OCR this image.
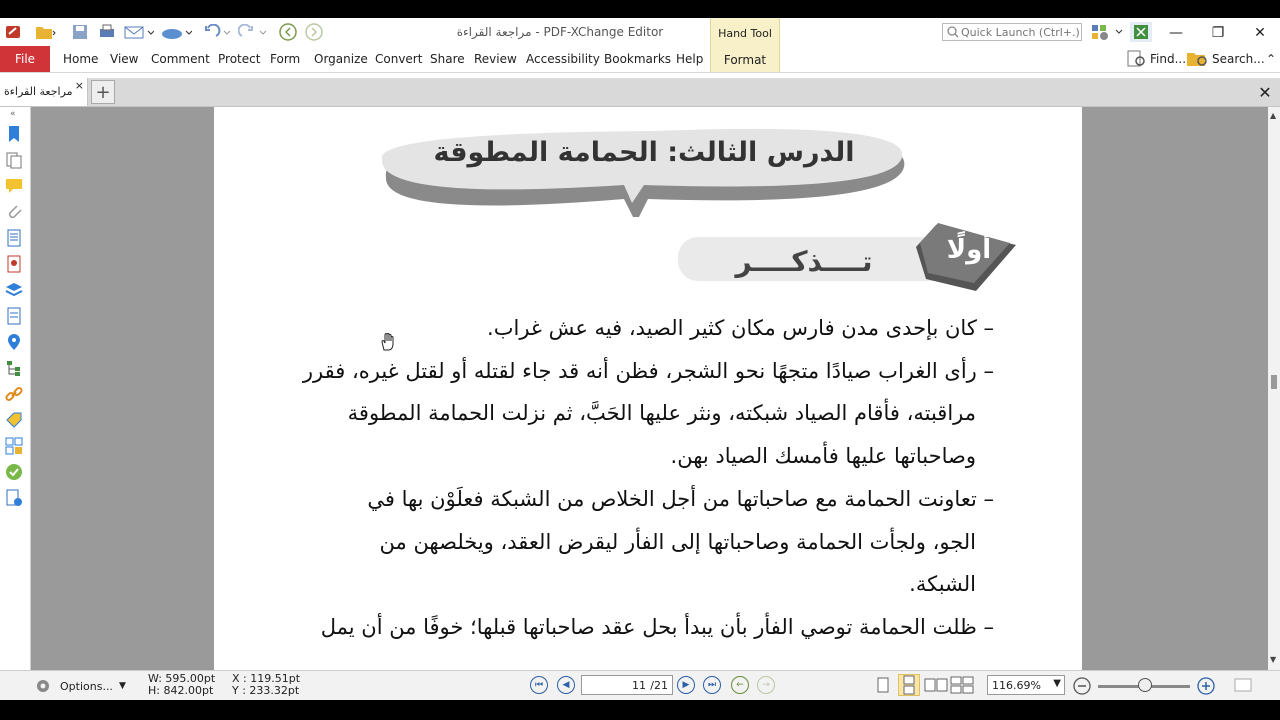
مراجعة القراءة - PDF-XChange Editor
Quick Launch (Ctrl+.)	—	❐	✕
File	Home View Comment Protect Form Organize Convert Share Review Accessibility Bookmarks Help
Hand Tool
Format	Find... Search... ⌃
مراجعة القراءة × +	✕
«
الدرس الثالث: الحمامة المطوقة
أولًا
تــــذكــــر
– كان بإحدى مدن فارس مكان كثير الصيد، فيه عش غراب.
– رأى الغراب صيادًا متجهًا نحو الشجر، فظن أنه قد جاء لقتله أو لقتل غيره، فقرر
مراقبته، فأقام الصياد شبكته، ونثر عليها الحَبَّ، ثم نزلت الحمامة المطوقة
وصاحباتها عليها فأمسك الصياد بهن.
– تعاونت الحمامة مع صاحباتها من أجل الخلاص من الشبكة فعلَوْن بها في
الجو، ولجأت الحمامة وصاحباتها إلى الفأر ليقرض العقد، ويخلصهن من
الشبكة.
– ظلت الحمامة توصي الفأر بأن يبدأ بحل عقد صاحباتها قبلها؛ خوفًا من أن يمل
▲
▼
Options... ▼
W: 595.00pt
H: 842.00pt
X : 119.51pt
Y : 233.32pt	⏮	◀	11 /21	▶	⏭	←	→	116.69% ▼
